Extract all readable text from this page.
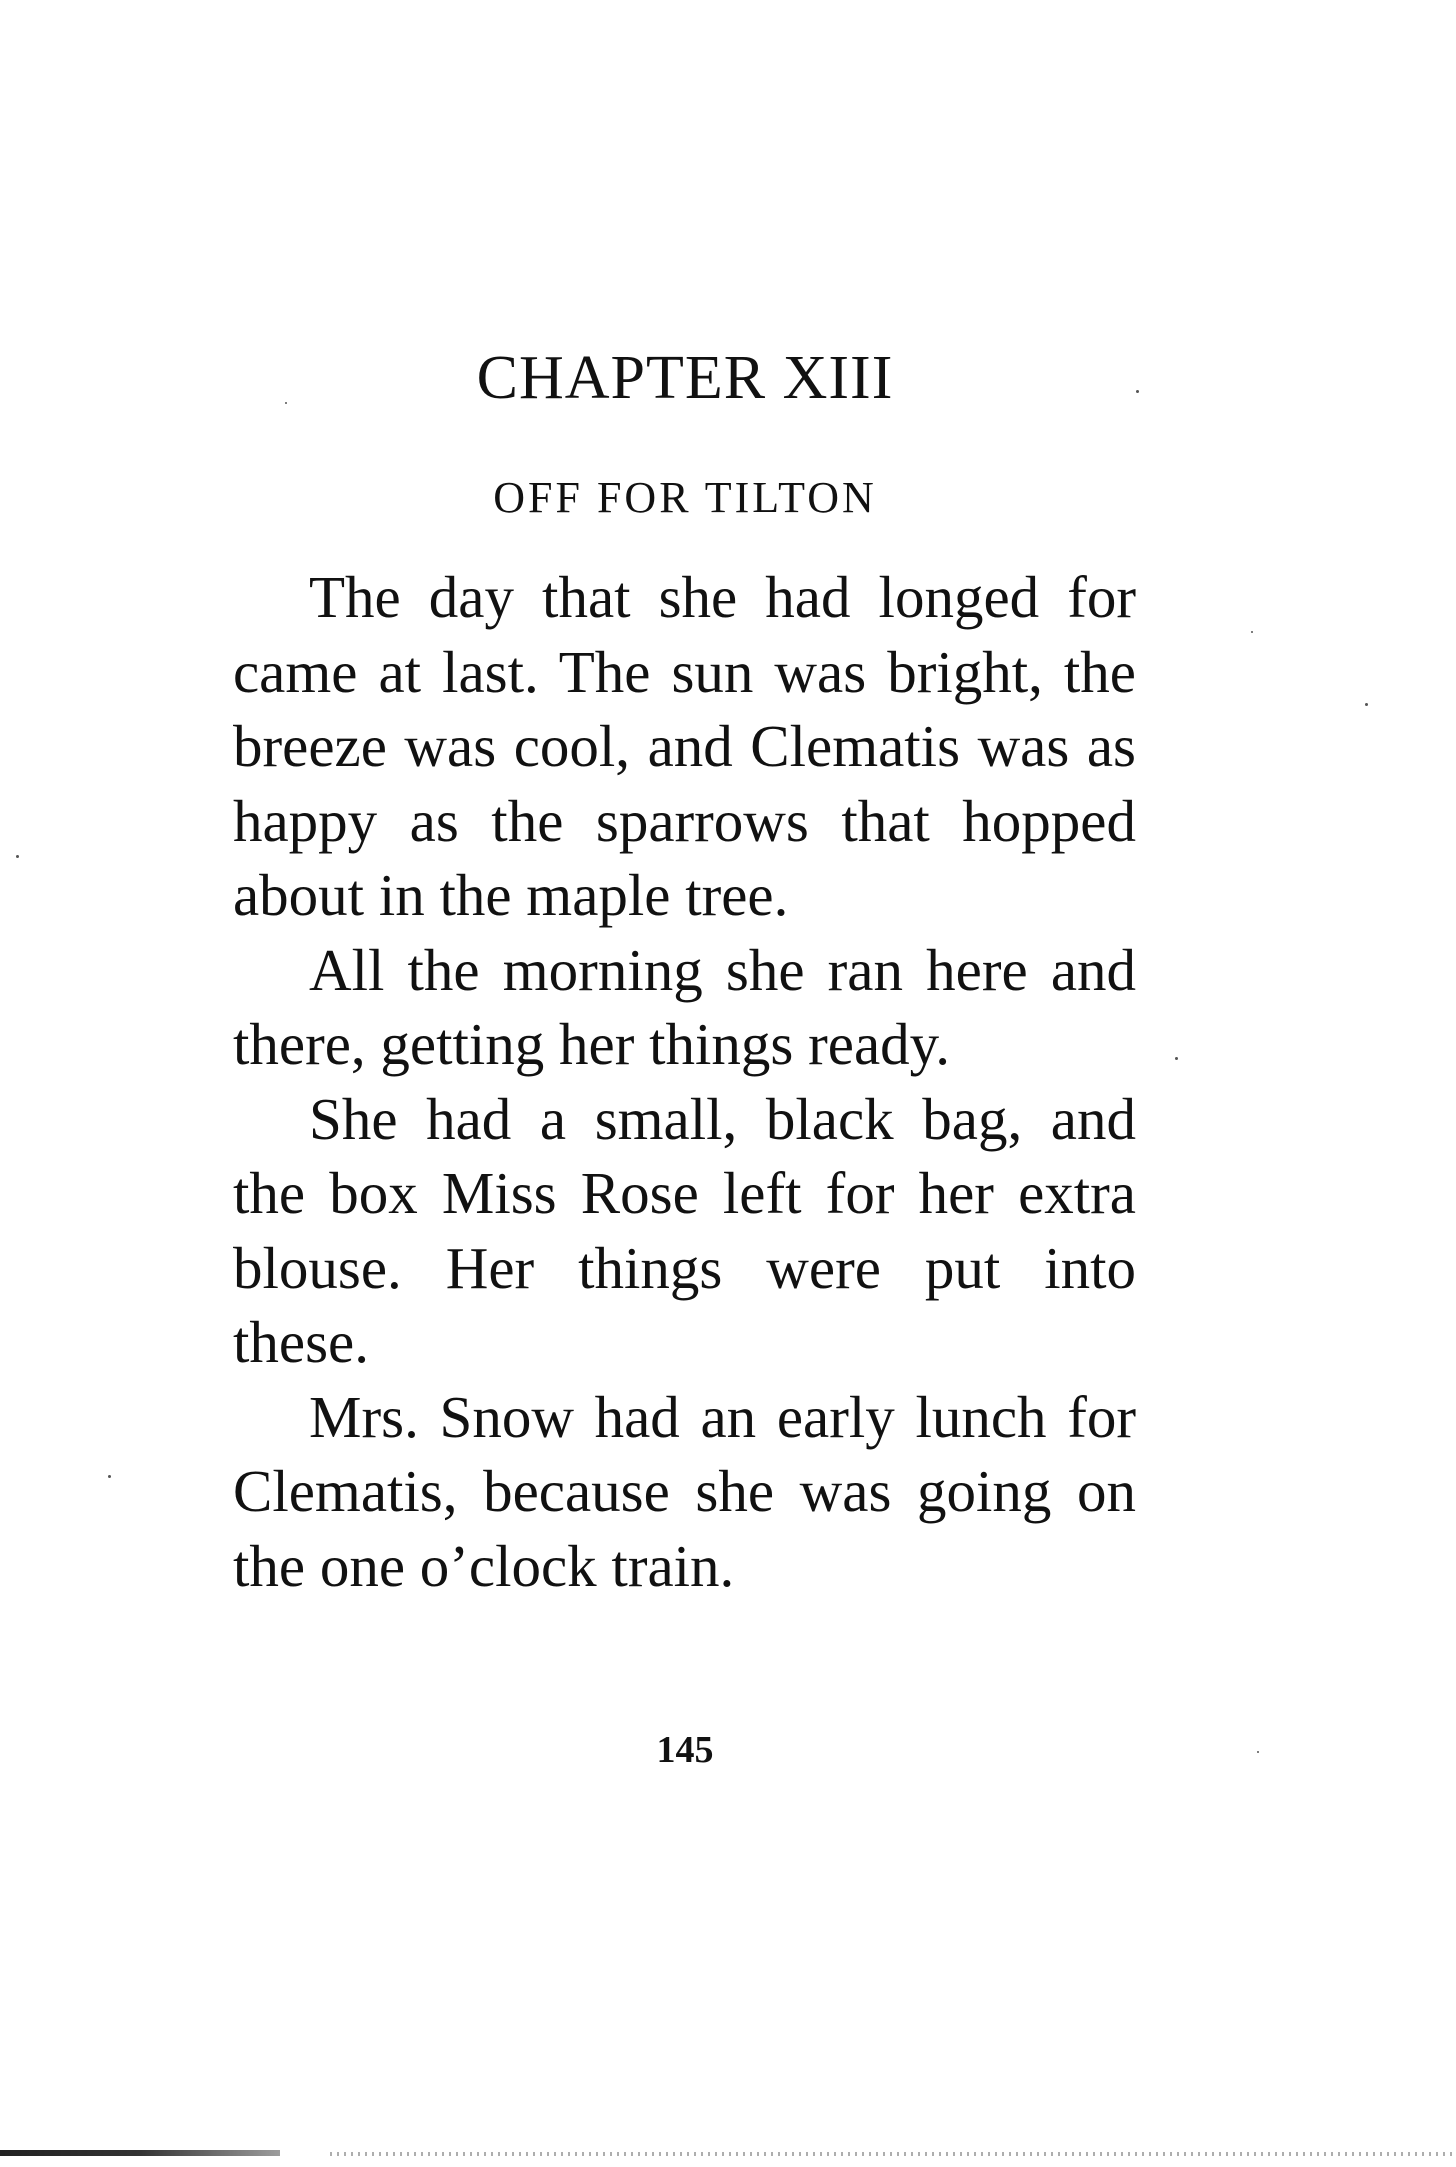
CHAPTER XIII
OFF FOR TILTON

The day that she had longed for came at last. The sun was bright, the breeze was cool, and Clematis was as happy as the sparrows that hopped about in the maple tree.

All the morning she ran here and there, getting her things ready.

She had a small, black bag, and the box Miss Rose left for her extra blouse. Her things were put into these.

Mrs. Snow had an early lunch for Clematis, because she was going on the one o’clock train.

145
